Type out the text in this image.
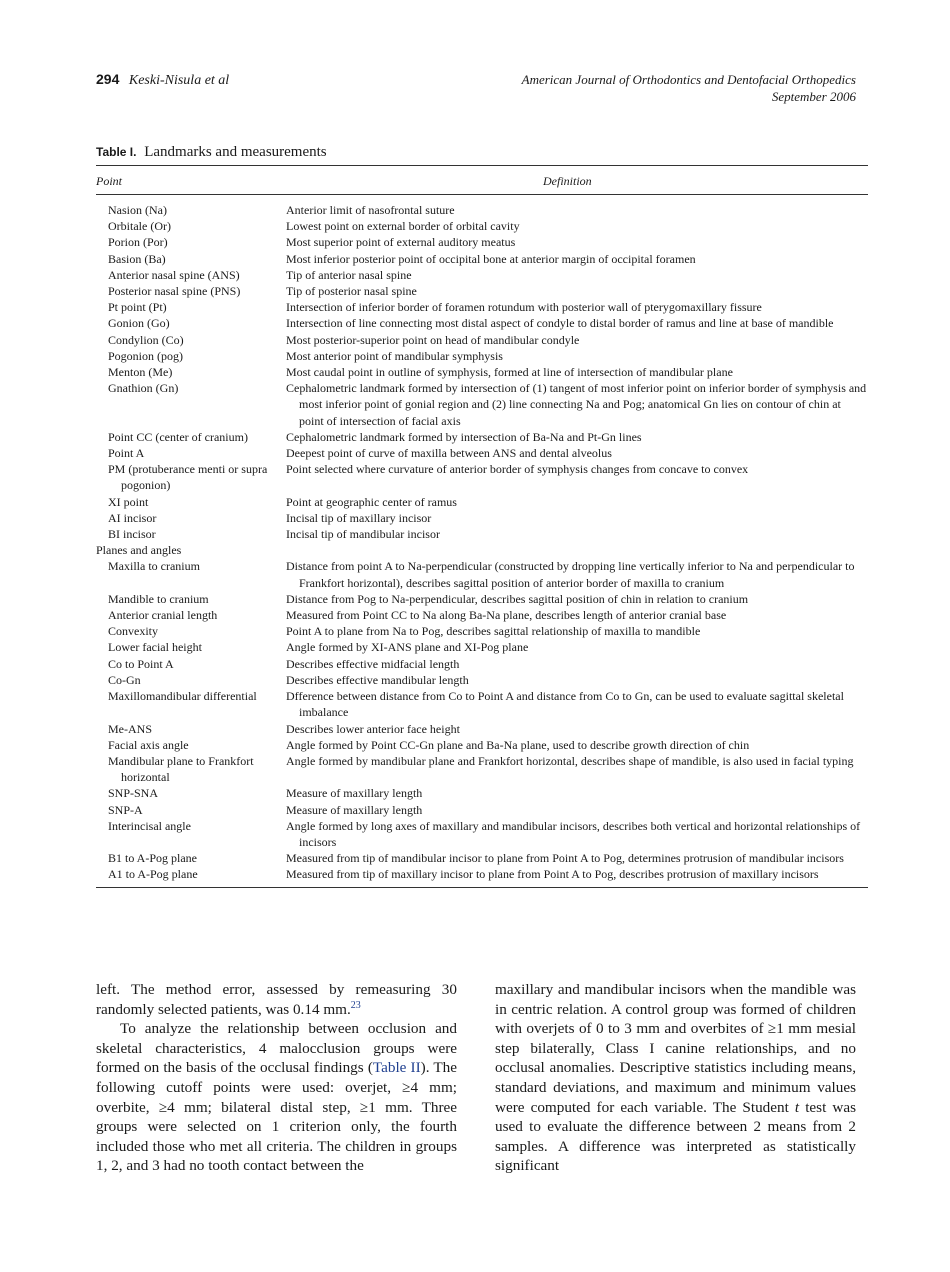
294 Keski-Nisula et al	American Journal of Orthodontics and Dentofacial Orthopedics
September 2006
Table I. Landmarks and measurements
Point	Definition
Nasion (Na)	Anterior limit of nasofrontal suture

Orbitale (Or)	Lowest point on external border of orbital cavity

Porion (Por)	Most superior point of external auditory meatus

Basion (Ba)	Most inferior posterior point of occipital bone at anterior margin of occipital foramen

Anterior nasal spine (ANS)	Tip of anterior nasal spine

Posterior nasal spine (PNS)	Tip of posterior nasal spine

Pt point (Pt)	Intersection of inferior border of foramen rotundum with posterior wall of pterygomaxillary fissure

Gonion (Go)	Intersection of line connecting most distal aspect of condyle to distal border of ramus and line at base of mandible

Condylion (Co)	Most posterior-superior point on head of mandibular condyle

Pogonion (pog)	Most anterior point of mandibular symphysis

Menton (Me)	Most caudal point in outline of symphysis, formed at line of intersection of mandibular plane

Gnathion (Gn)	Cephalometric landmark formed by intersection of (1) tangent of most inferior point on inferior border of symphysis and most inferior point of gonial region and (2) line connecting Na and Pog; anatomical Gn lies on contour of chin at point of intersection of facial axis

Point CC (center of cranium)	Cephalometric landmark formed by intersection of Ba-Na and Pt-Gn lines

Point A	Deepest point of curve of maxilla between ANS and dental alveolus

PM (protuberance menti or supra pogonion)	Point selected where curvature of anterior border of symphysis changes from concave to convex

XI point	Point at geographic center of ramus

AI incisor	Incisal tip of maxillary incisor

BI incisor	Incisal tip of mandibular incisor

Planes and angles	

Maxilla to cranium	Distance from point A to Na-perpendicular (constructed by dropping line vertically inferior to Na and perpendicular to Frankfort horizontal), describes sagittal position of anterior border of maxilla to cranium

Mandible to cranium	Distance from Pog to Na-perpendicular, describes sagittal position of chin in relation to cranium

Anterior cranial length	Measured from Point CC to Na along Ba-Na plane, describes length of anterior cranial base

Convexity	Point A to plane from Na to Pog, describes sagittal relationship of maxilla to mandible

Lower facial height	Angle formed by XI-ANS plane and XI-Pog plane

Co to Point A	Describes effective midfacial length

Co-Gn	Describes effective mandibular length

Maxillomandibular differential	Dfference between distance from Co to Point A and distance from Co to Gn, can be used to evaluate sagittal skeletal imbalance

Me-ANS	Describes lower anterior face height

Facial axis angle	Angle formed by Point CC-Gn plane and Ba-Na plane, used to describe growth direction of chin

Mandibular plane to Frankfort horizontal	Angle formed by mandibular plane and Frankfort horizontal, describes shape of mandible, is also used in facial typing

SNP-SNA	Measure of maxillary length

SNP-A	Measure of maxillary length

Interincisal angle	Angle formed by long axes of maxillary and mandibular incisors, describes both vertical and horizontal relationships of incisors

B1 to A-Pog plane	Measured from tip of mandibular incisor to plane from Point A to Pog, determines protrusion of mandibular incisors

A1 to A-Pog plane	Measured from tip of maxillary incisor to plane from Point A to Pog, describes protrusion of maxillary incisors

left. The method error, assessed by remeasuring 30 randomly selected patients, was 0.14 mm.$^{23}$

To analyze the relationship between occlusion and skeletal characteristics, 4 malocclusion groups were formed on the basis of the occlusal findings (Table II). The following cutoff points were used: overjet, ≥4 mm; overbite, ≥4 mm; bilateral distal step, ≥1 mm. Three groups were selected on 1 criterion only, the fourth included those who met all criteria. The children in groups 1, 2, and 3 had no tooth contact between the

maxillary and mandibular incisors when the mandible was in centric relation. A control group was formed of children with overjets of 0 to 3 mm and overbites of ≥1 mm mesial step bilaterally, Class I canine relationships, and no occlusal anomalies. Descriptive statistics including means, standard deviations, and maximum and minimum values were computed for each variable. The Student t test was used to evaluate the difference between 2 means from 2 samples. A difference was interpreted as statistically significant
